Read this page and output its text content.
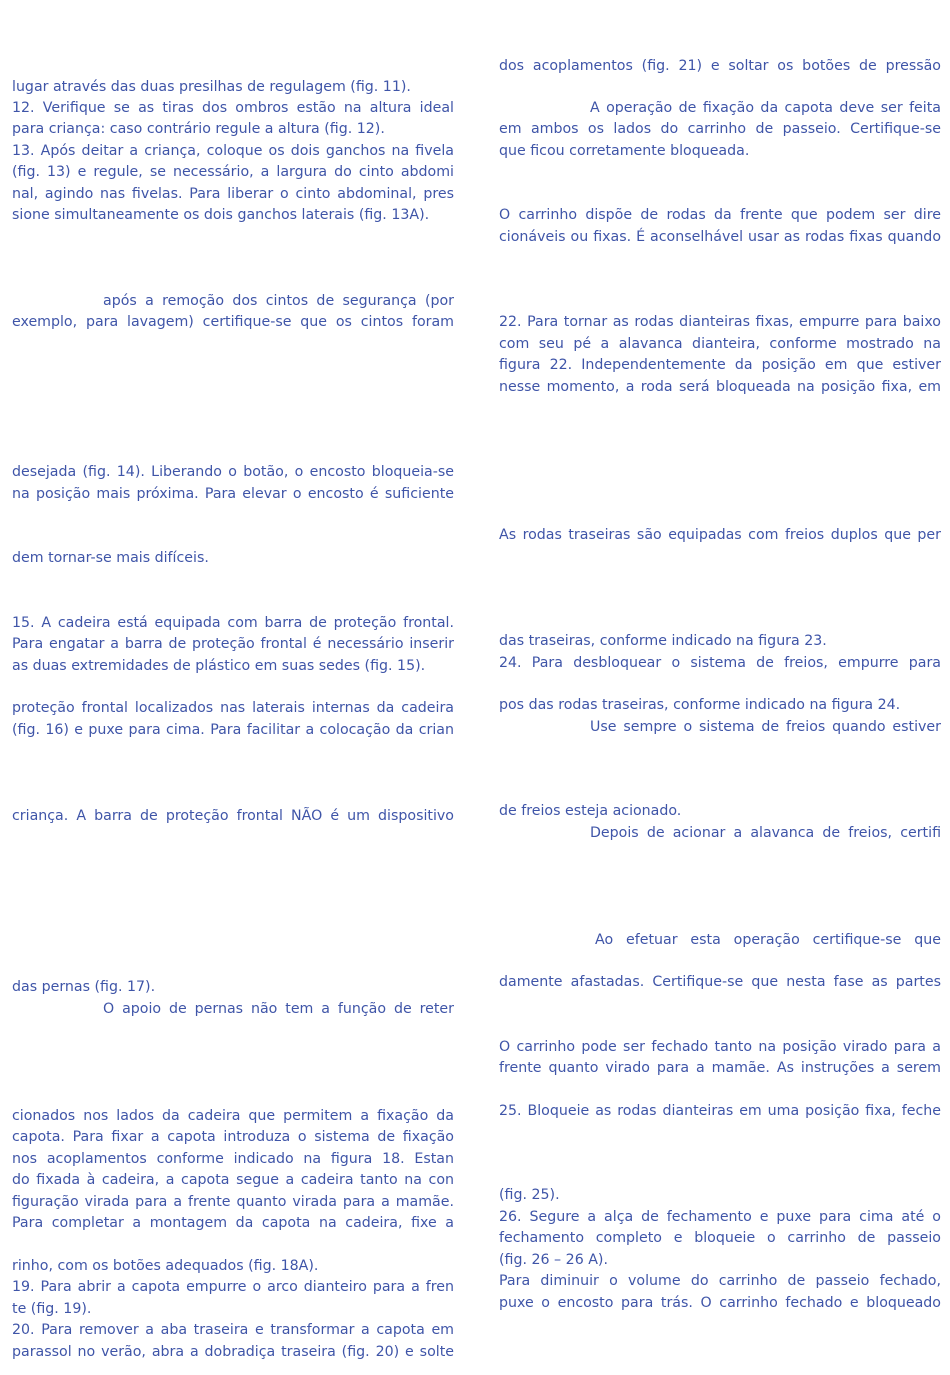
lugar através das duas presilhas de regulagem (fig. 11).
12. Verifique se as tiras dos ombros estão na altura ideal
para criança: caso contrário regule a altura (fig. 12).
13. Após deitar a criança, coloque os dois ganchos na fivela
(fig. 13) e regule, se necessário, a largura do cinto abdomi
nal, agindo nas fivelas. Para liberar o cinto abdominal, pres
sione simultaneamente os dois ganchos laterais (fig. 13A).
após a remoção dos cintos de segurança (por
exemplo, para lavagem) certifique-se que os cintos foram
desejada (fig. 14). Liberando o botão, o encosto bloqueia-se
na posição mais próxima. Para elevar o encosto é suficiente
dem tornar-se mais difíceis.
15. A cadeira está equipada com barra de proteção frontal.
Para engatar a barra de proteção frontal é necessário inserir
as duas extremidades de plástico em suas sedes (fig. 15).
proteção frontal localizados nas laterais internas da cadeira
(fig. 16) e puxe para cima. Para facilitar a colocação da crian
criança. A barra de proteção frontal NÃO é um dispositivo
das pernas (fig. 17).
O apoio de pernas não tem a função de reter
cionados nos lados da cadeira que permitem a fixação da
capota. Para fixar a capota introduza o sistema de fixação
nos acoplamentos conforme indicado na figura 18. Estan
do fixada à cadeira, a capota segue a cadeira tanto na con
figuração virada para a frente quanto virada para a mamãe.
Para completar a montagem da capota na cadeira, fixe a
rinho, com os botões adequados (fig. 18A).
19. Para abrir a capota empurre o arco dianteiro para a fren
te (fig. 19).
20. Para remover a aba traseira e transformar a capota em
parassol no verão, abra a dobradiça traseira (fig. 20) e solte
dos acoplamentos (fig. 21) e soltar os botões de pressão
A operação de fixação da capota deve ser feita
em ambos os lados do carrinho de passeio. Certifique-se
que ficou corretamente bloqueada.
O carrinho dispõe de rodas da frente que podem ser dire
cionáveis ou fixas. É aconselhável usar as rodas fixas quando
22. Para tornar as rodas dianteiras fixas, empurre para baixo
com seu pé a alavanca dianteira, conforme mostrado na
figura 22. Independentemente da posição em que estiver
nesse momento, a roda será bloqueada na posição fixa, em
As rodas traseiras são equipadas com freios duplos que per
das traseiras, conforme indicado na figura 23.
24. Para desbloquear o sistema de freios, empurre para
pos das rodas traseiras, conforme indicado na figura 24.
Use sempre o sistema de freios quando estiver
de freios esteja acionado.
Depois de acionar a alavanca de freios, certifi
Ao efetuar esta operação certifique-se que
damente afastadas. Certifique-se que nesta fase as partes
O carrinho pode ser fechado tanto na posição virado para a
frente quanto virado para a mamãe. As instruções a serem
25. Bloqueie as rodas dianteiras em uma posição fixa, feche
(fig. 25).
26. Segure a alça de fechamento e puxe para cima até o
fechamento completo e bloqueie o carrinho de passeio
(fig. 26 – 26 A).
Para diminuir o volume do carrinho de passeio fechado,
puxe o encosto para trás. O carrinho fechado e bloqueado
